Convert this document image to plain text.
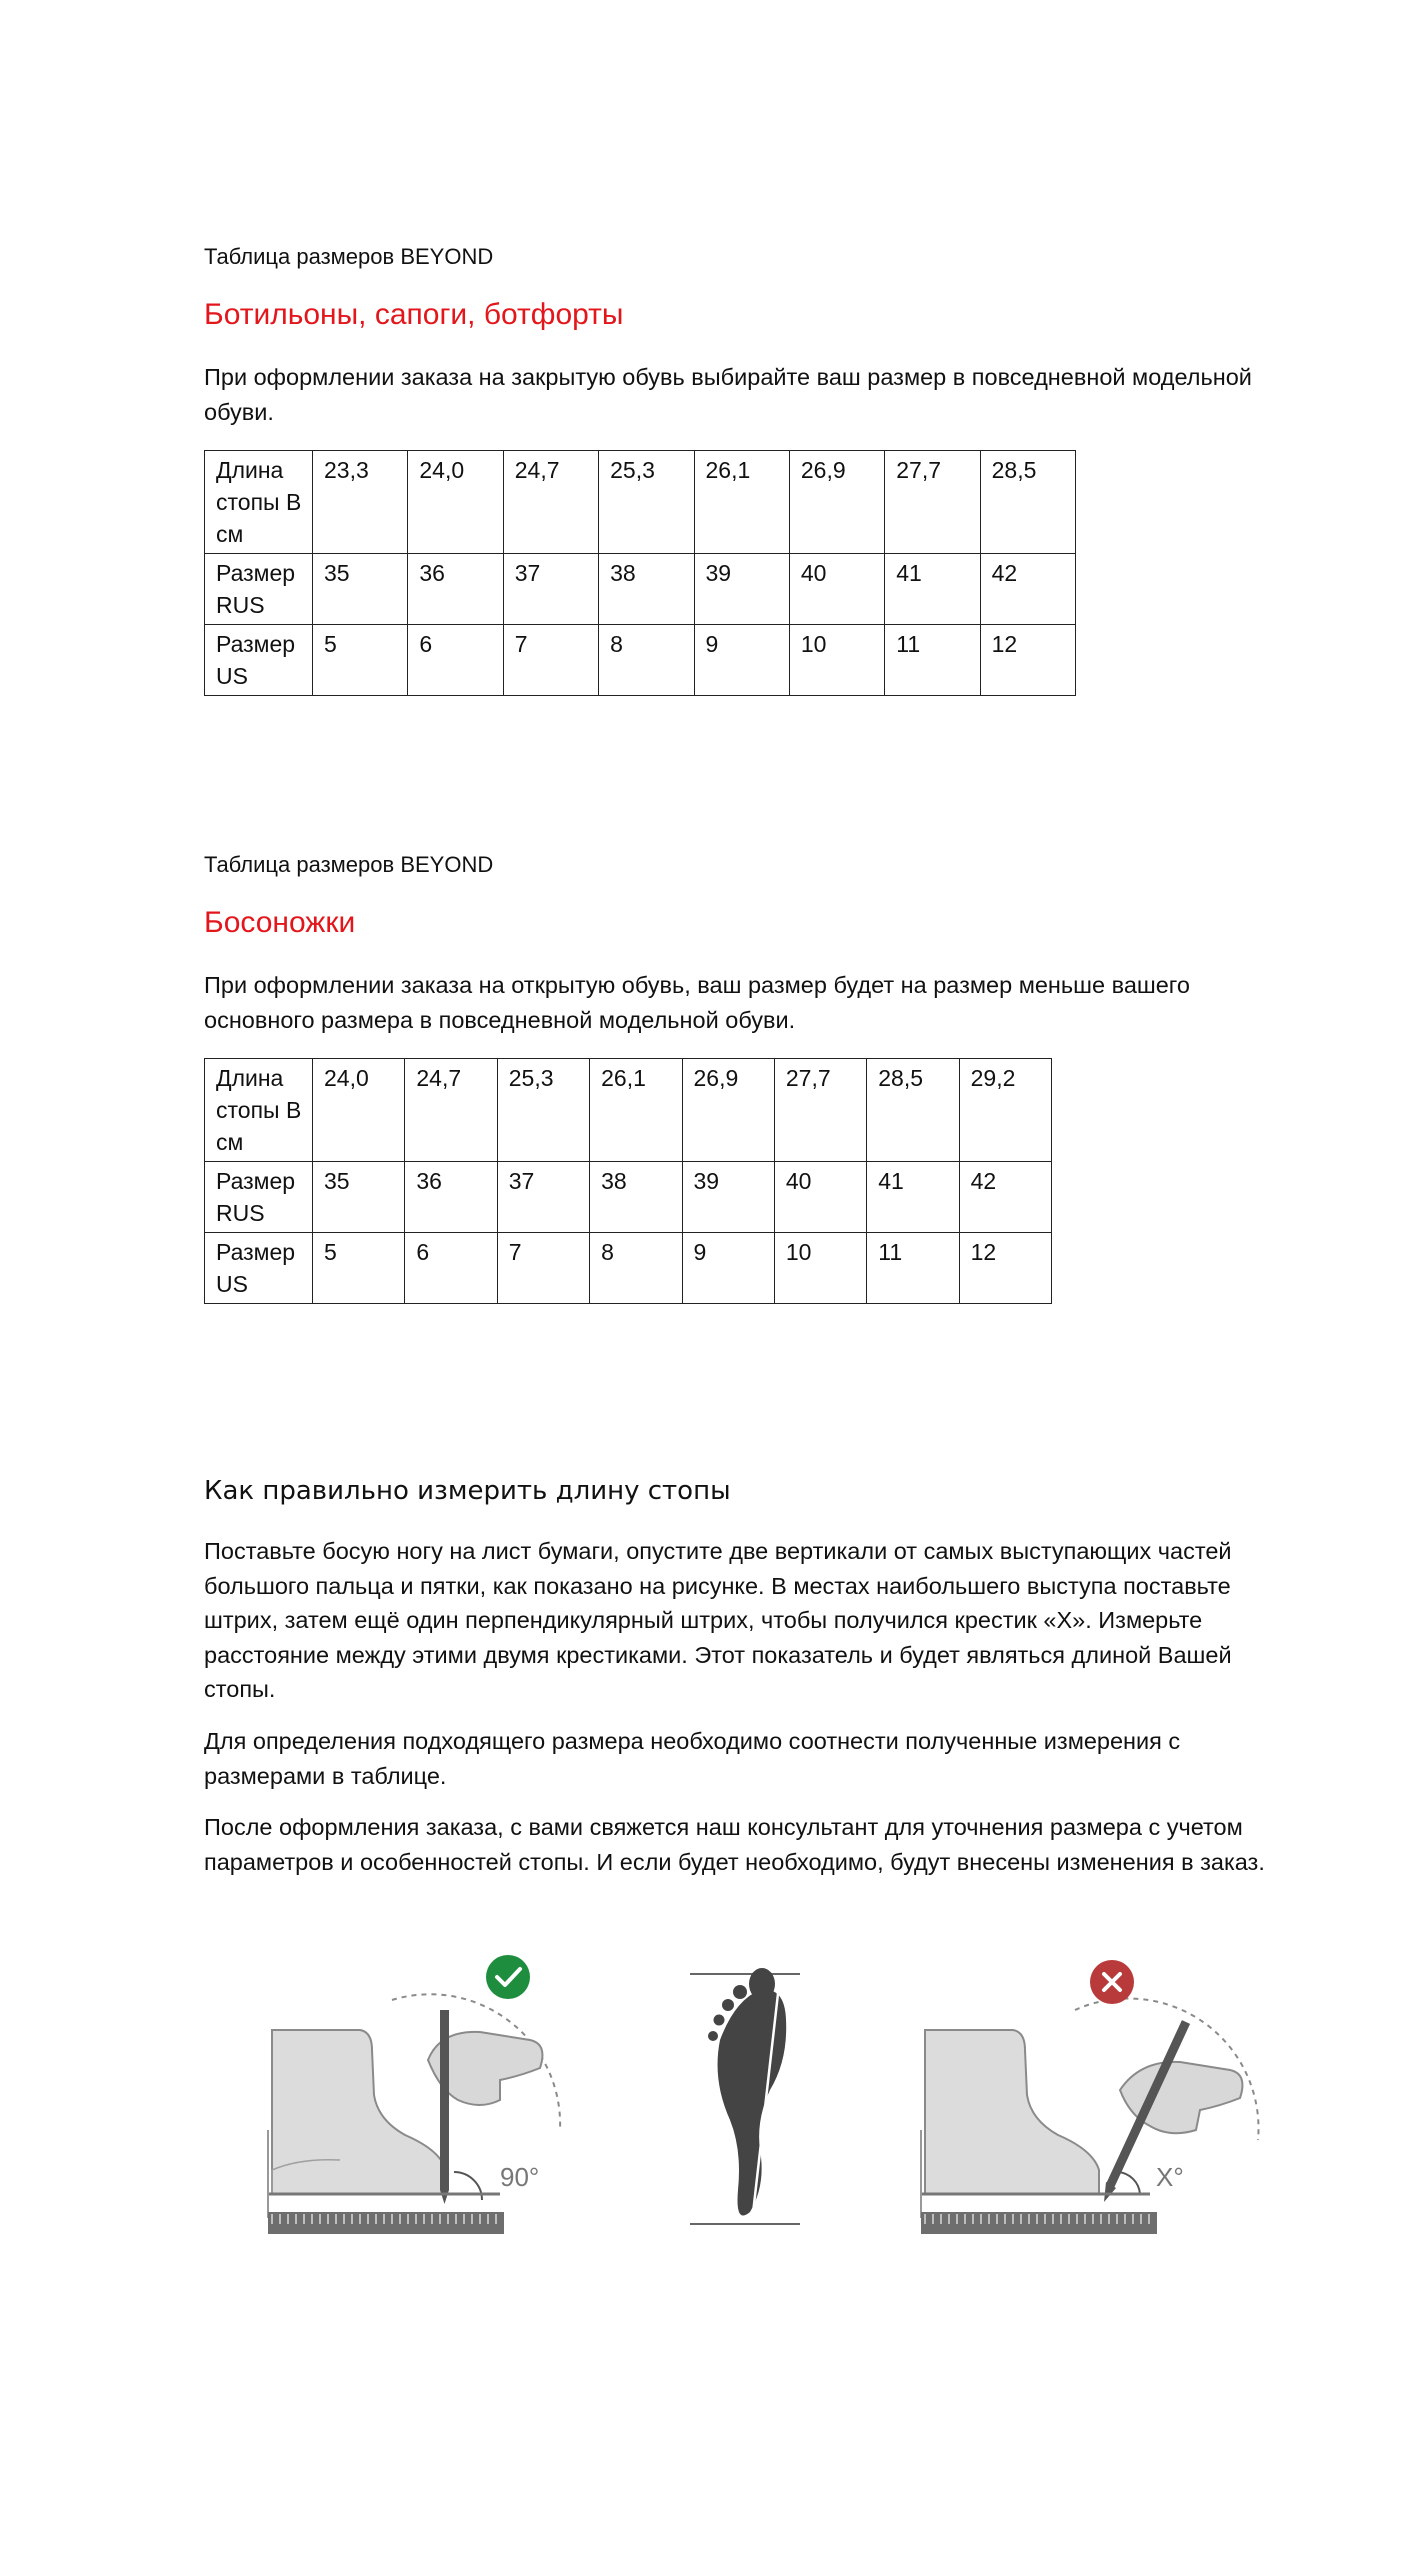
Таблица размеров BEYOND
Ботильоны, сапоги, ботфорты
При оформлении заказа на закрытую обувь выбирайте ваш размер в повседневной модельной
обуви.
Длина стопы В см	23,3	24,0	24,7	25,3	26,1	26,9	27,7	28,5
Размер RUS	35	36	37	38	39	40	41	42
Размер US	5	6	7	8	9	10	11	12
Таблица размеров BEYOND
Босоножки
При оформлении заказа на открытую обувь, ваш размер будет на размер меньше вашего
основного размера в повседневной модельной обуви.
Длина стопы В см	24,0	24,7	25,3	26,1	26,9	27,7	28,5	29,2
Размер RUS	35	36	37	38	39	40	41	42
Размер US	5	6	7	8	9	10	11	12
Как правильно измерить длину стопы
Поставьте босую ногу на лист бумаги, опустите две вертикали от самых выступающих частей
большого пальца и пятки, как показано на рисунке. В местах наибольшего выступа поставьте
штрих, затем ещё один перпендикулярный штрих, чтобы получился крестик «Х». Измерьте
расстояние между этими двумя крестиками. Этот показатель и будет являться длиной Вашей
стопы.
Для определения подходящего размера необходимо соотнести полученные измерения с
размерами в таблице.
После оформления заказа, с вами свяжется наш консультант для уточнения размера с учетом
параметров и особенностей стопы. И если будет необходимо, будут внесены изменения в заказ.
90°	X°
